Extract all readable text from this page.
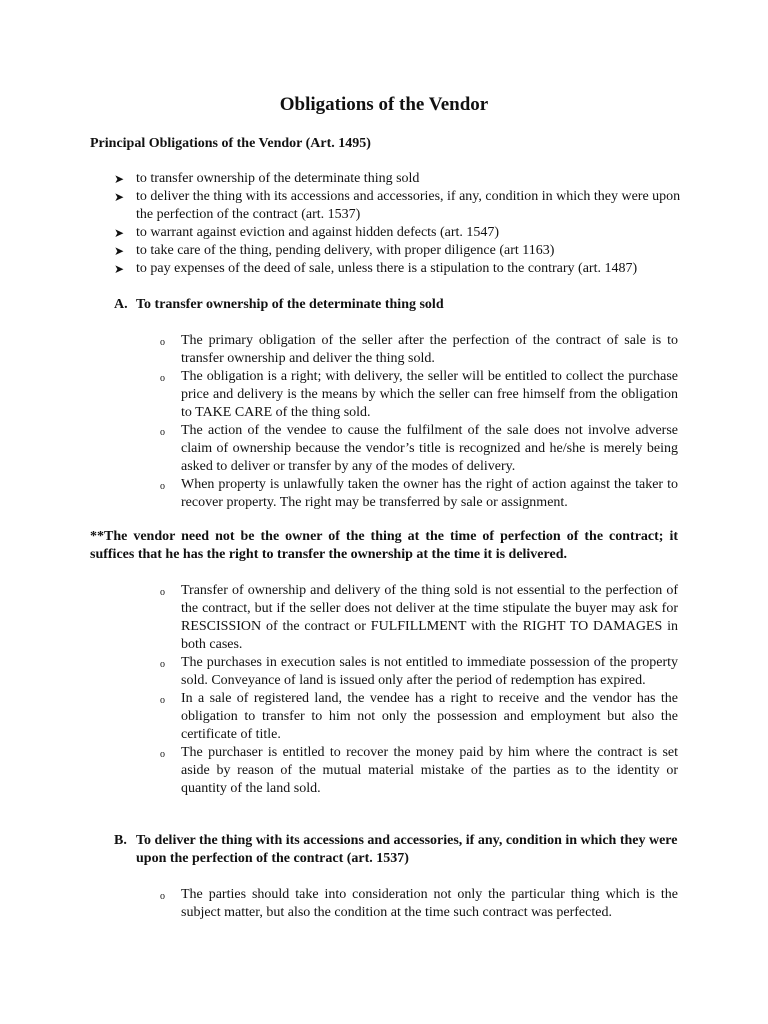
Obligations of the Vendor

Principal Obligations of the Vendor (Art. 1495)

➤ to transfer ownership of the determinate thing sold
➤ to deliver the thing with its accessions and accessories, if any, condition in which they were upon the perfection of the contract (art. 1537)
➤ to warrant against eviction and against hidden defects (art. 1547)
➤ to take care of the thing, pending delivery, with proper diligence (art 1163)
➤ to pay expenses of the deed of sale, unless there is a stipulation to the contrary (art. 1487)
A. To transfer ownership of the determinate thing sold
o The primary obligation of the seller after the perfection of the contract of sale is to transfer ownership and deliver the thing sold.
o The obligation is a right; with delivery, the seller will be entitled to collect the purchase price and delivery is the means by which the seller can free himself from the obligation to TAKE CARE of the thing sold.
o The action of the vendee to cause the fulfilment of the sale does not involve adverse claim of ownership because the vendor’s title is recognized and he/she is merely being asked to deliver or transfer by any of the modes of delivery.
o When property is unlawfully taken the owner has the right of action against the taker to recover property. The right may be transferred by sale or assignment.

**The vendor need not be the owner of the thing at the time of perfection of the contract; it suffices that he has the right to transfer the ownership at the time it is delivered.

o Transfer of ownership and delivery of the thing sold is not essential to the perfection of the contract, but if the seller does not deliver at the time stipulate the buyer may ask for RESCISSION of the contract or FULFILLMENT with the RIGHT TO DAMAGES in both cases.
o The purchases in execution sales is not entitled to immediate possession of the property sold. Conveyance of land is issued only after the period of redemption has expired.
o In a sale of registered land, the vendee has a right to receive and the vendor has the obligation to transfer to him not only the possession and employment but also the certificate of title.
o The purchaser is entitled to recover the money paid by him where the contract is set aside by reason of the mutual material mistake of the parties as to the identity or quantity of the land sold.
B. To deliver the thing with its accessions and accessories, if any, condition in which they were upon the perfection of the contract (art. 1537)
o The parties should take into consideration not only the particular thing which is the subject matter, but also the condition at the time such contract was perfected.
